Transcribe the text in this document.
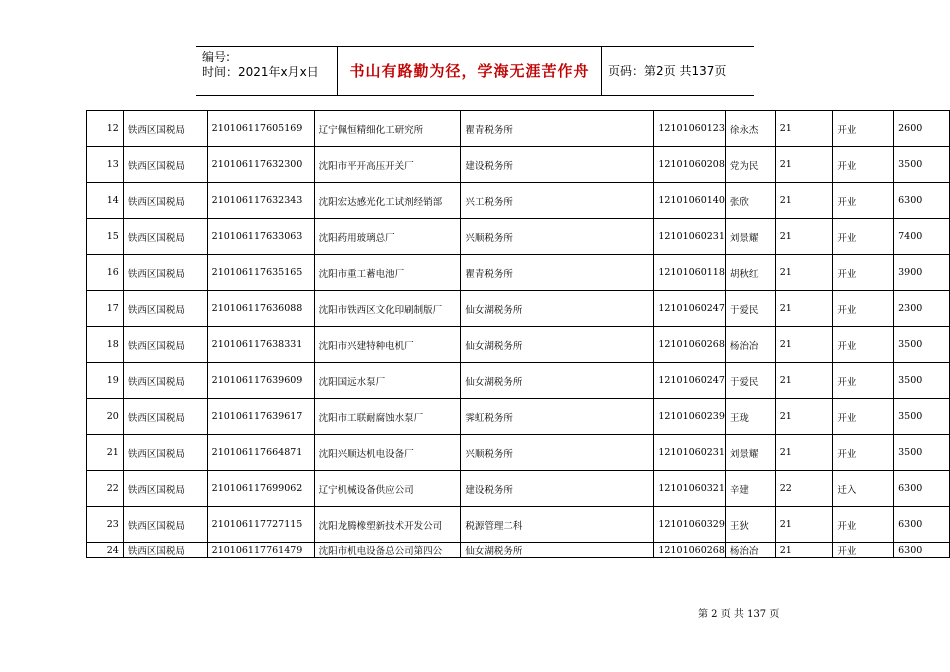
编号:
时间：2021年x月x日	书山有路勤为径，学海无涯苦作舟	页码：第2页 共137页
12	铁西区国税局	210106117605169	辽宁佩恒精细化工研究所	瞿青税务所	12101060123	徐永杰	21	开业	2600
13	铁西区国税局	210106117632300	沈阳市平开高压开关厂	建设税务所	12101060208	党为民	21	开业	3500
14	铁西区国税局	210106117632343	沈阳宏达感光化工试剂经销部	兴工税务所	12101060140	张欣	21	开业	6300
15	铁西区国税局	210106117633063	沈阳药用玻璃总厂	兴顺税务所	12101060231	刘景耀	21	开业	7400
16	铁西区国税局	210106117635165	沈阳市重工蓄电池厂	瞿青税务所	12101060118	胡秋红	21	开业	3900
17	铁西区国税局	210106117636088	沈阳市铁西区文化印刷制版厂	仙女湖税务所	12101060247	于爱民	21	开业	2300
18	铁西区国税局	210106117638331	沈阳市兴建特种电机厂	仙女湖税务所	12101060268	杨治冶	21	开业	3500
19	铁西区国税局	210106117639609	沈阳国远水泵厂	仙女湖税务所	12101060247	于爱民	21	开业	3500
20	铁西区国税局	210106117639617	沈阳市工联耐腐蚀水泵厂	霁虹税务所	12101060239	王珑	21	开业	3500
21	铁西区国税局	210106117664871	沈阳兴顺达机电设备厂	兴顺税务所	12101060231	刘景耀	21	开业	3500
22	铁西区国税局	210106117699062	辽宁机械设备供应公司	建设税务所	12101060321	辛建	22	迁入	6300
23	铁西区国税局	210106117727115	沈阳龙腾橡塑新技术开发公司	税源管理二科	12101060329	王狄	21	开业	6300
24	铁西区国税局	210106117761479	沈阳市机电设备总公司第四公	仙女湖税务所	12101060268	杨治冶	21	开业	6300
第 2 页 共 137 页
